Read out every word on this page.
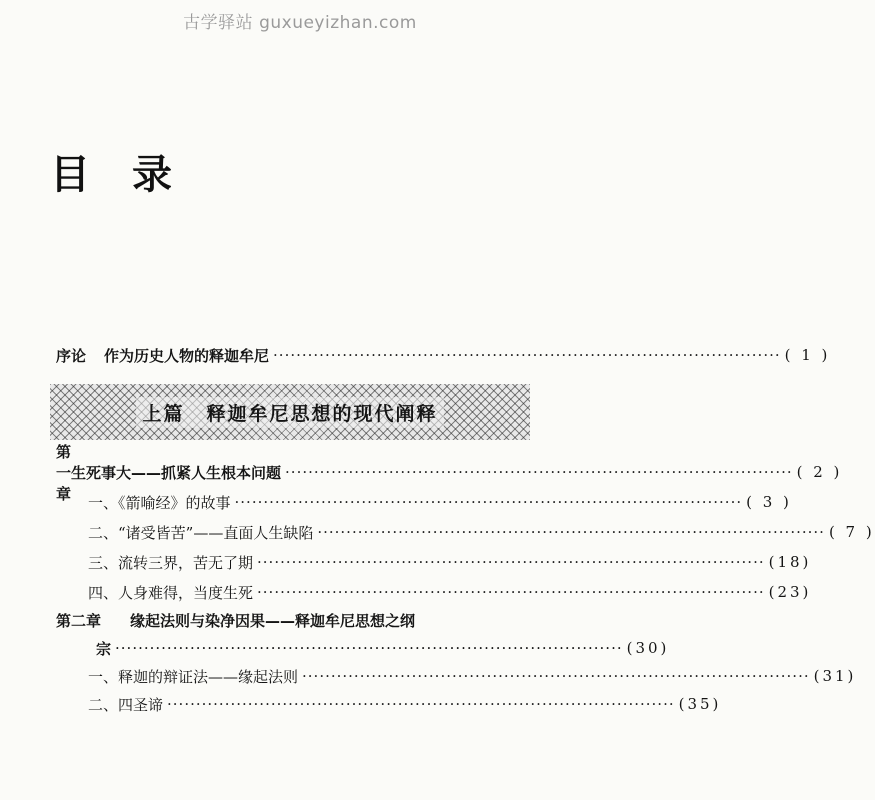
古学驿站 guxueyizhan.com
目录
序论 作为历史人物的释迦牟尼 ························································································ ( 1 )
上篇 释迦牟尼思想的现代阐释
第一章
生死事大——抓紧人生根本问题 ························································································ ( 2 )
一、《箭喻经》的故事 ························································································ ( 3 )
二、“诸受皆苦”——直面人生缺陷 ························································································ ( 7 )
三、流转三界，苦无了期 ························································································ (18)
四、人身难得，当度生死 ························································································ (23)
第二章	缘起法则与染净因果——释迦牟尼思想之纲
宗 ························································································ (30)
一、释迦的辩证法——缘起法则 ························································································ (31)
二、四圣谛 ························································································ (35)
